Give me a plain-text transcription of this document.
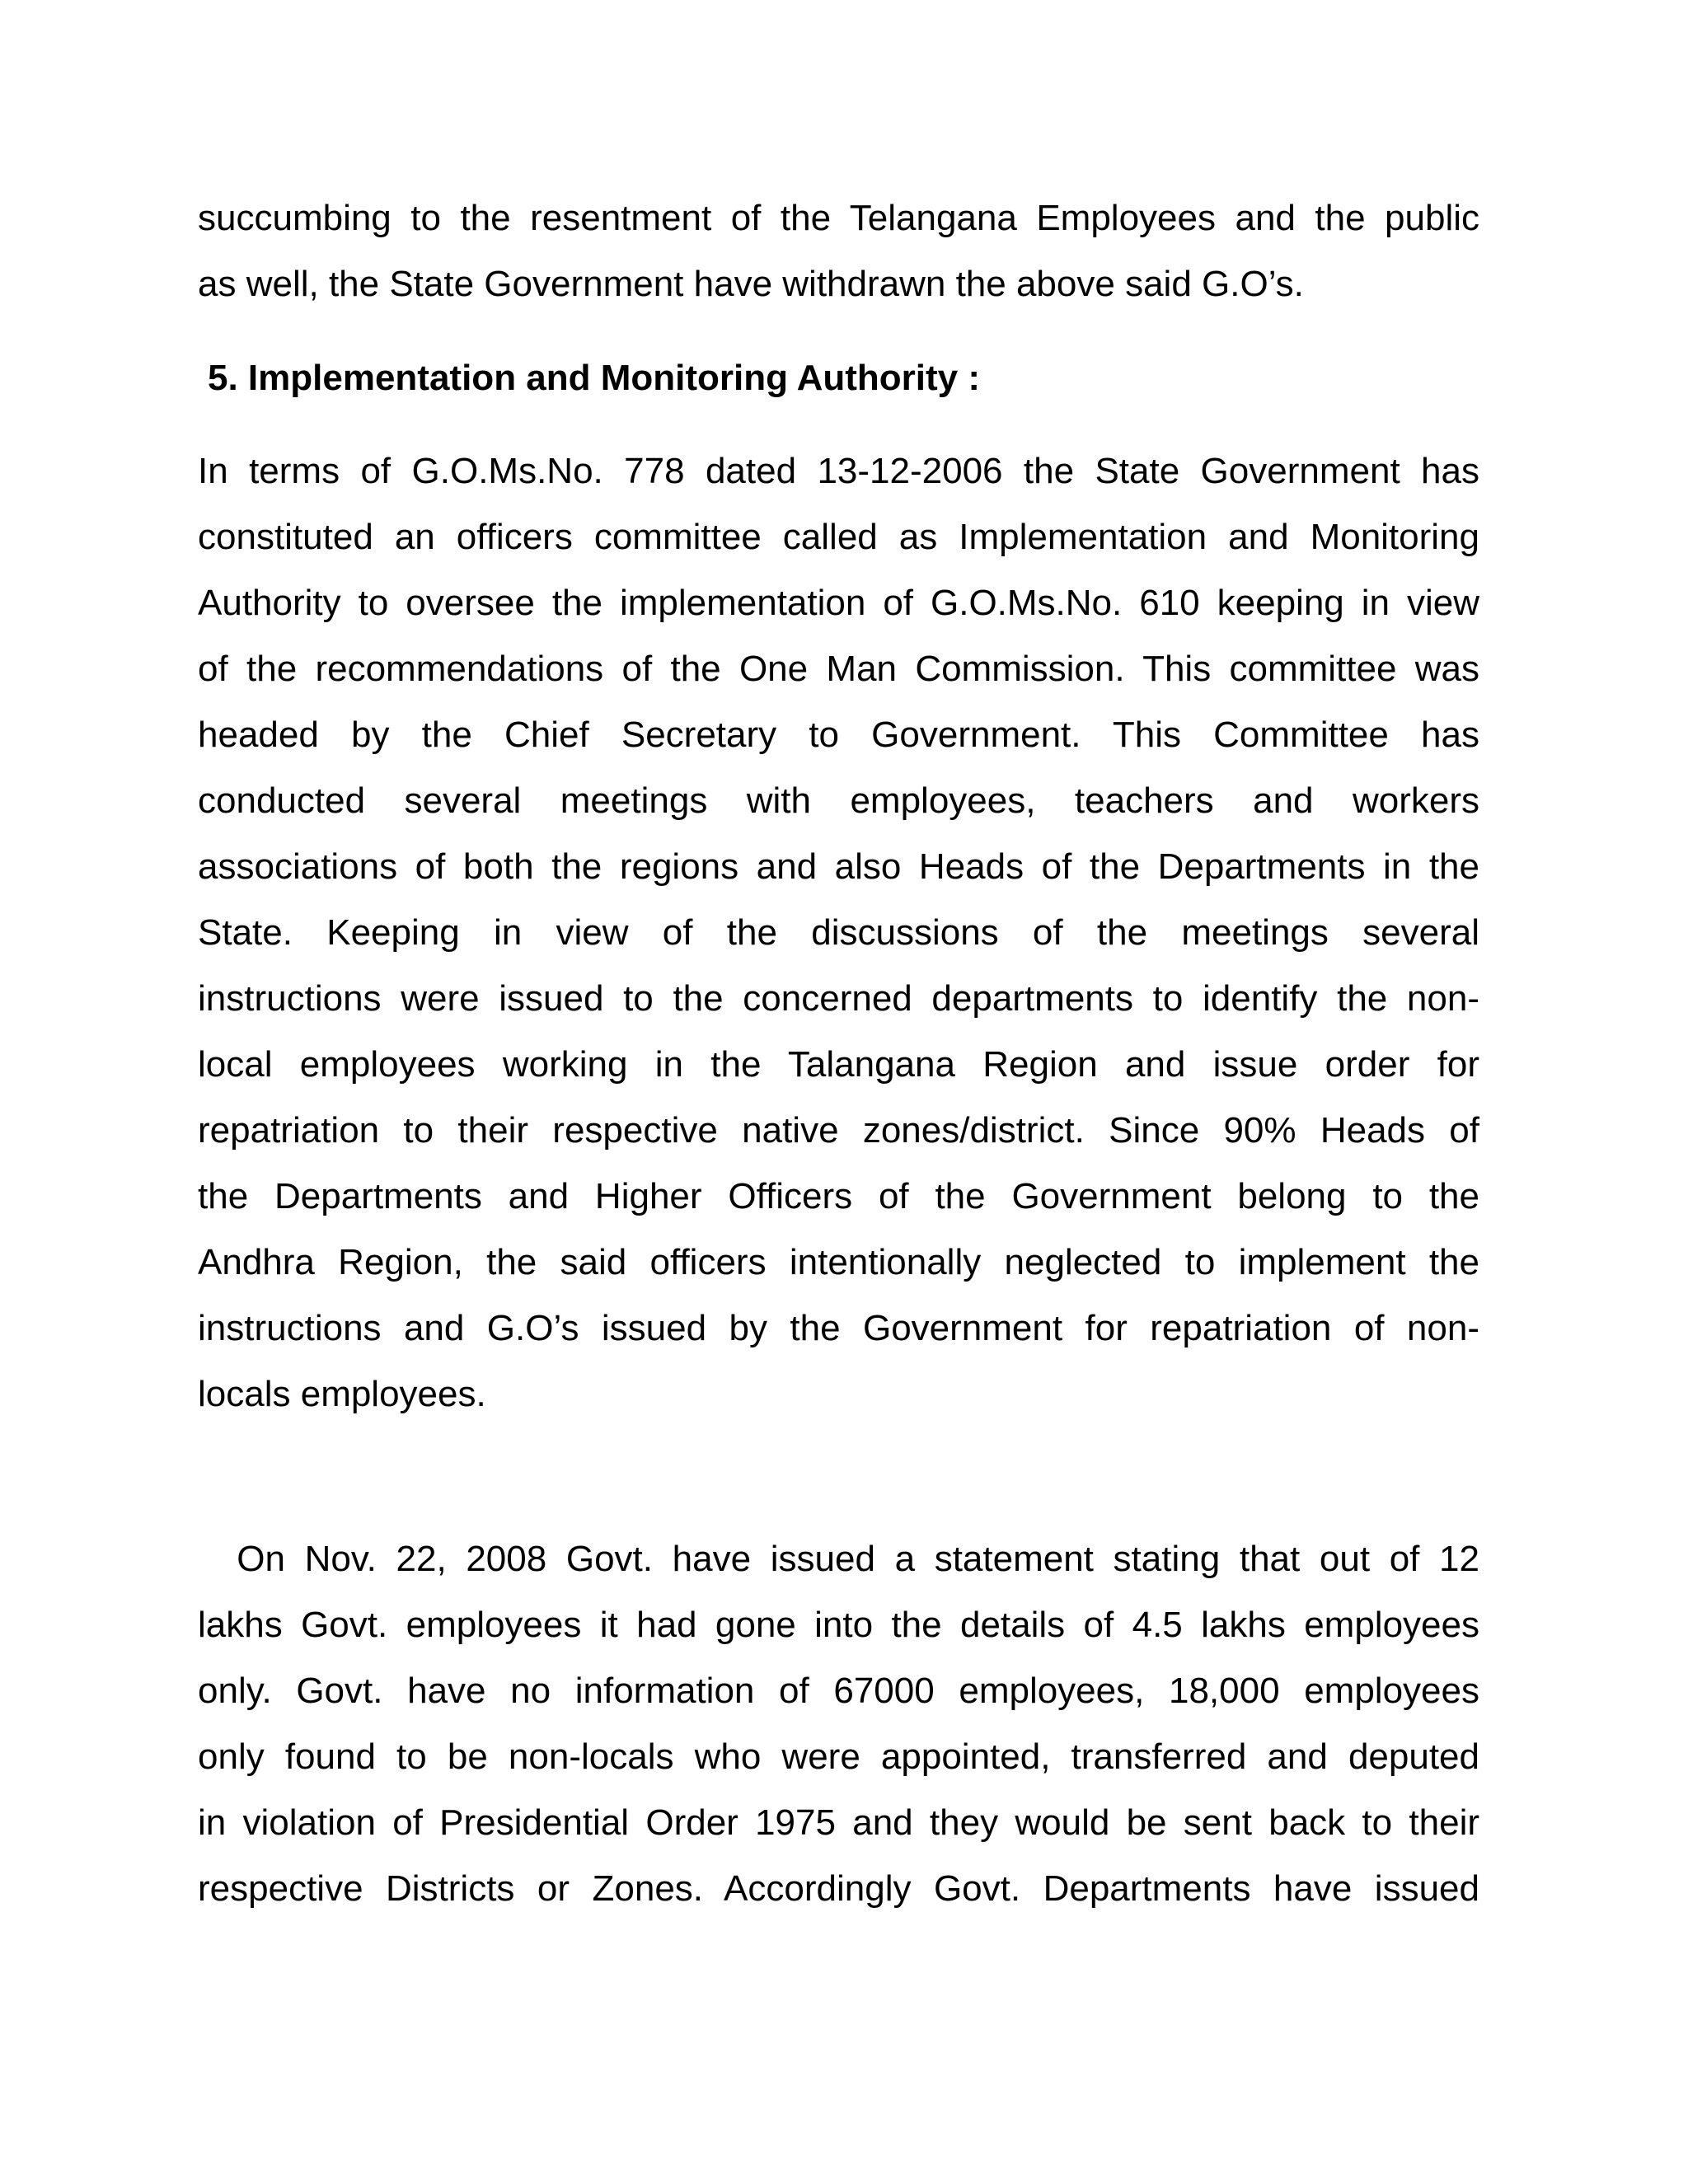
succumbing to the resentment of the Telangana Employees and the public
as well, the State Government have withdrawn the above said G.O’s.
5. Implementation and Monitoring Authority :
In terms of G.O.Ms.No. 778 dated 13-12-2006 the State Government has
constituted an officers committee called as Implementation and Monitoring
Authority to oversee the implementation of G.O.Ms.No. 610 keeping in view
of the recommendations of the One Man Commission. This committee was
headed by the Chief Secretary to Government. This Committee has
conducted several meetings with employees, teachers and workers
associations of both the regions and also Heads of the Departments in the
State. Keeping in view of the discussions of the meetings several
instructions were issued to the concerned departments to identify the non-
local employees working in the Talangana Region and issue order for
repatriation to their respective native zones/district. Since 90% Heads of
the Departments and Higher Officers of the Government belong to the
Andhra Region, the said officers intentionally neglected to implement the
instructions and G.O’s issued by the Government for repatriation of non-
locals employees.
On Nov. 22, 2008 Govt. have issued a statement stating that out of 12
lakhs Govt. employees it had gone into the details of 4.5 lakhs employees
only. Govt. have no information of 67000 employees, 18,000 employees
only found to be non-locals who were appointed, transferred and deputed
in violation of Presidential Order 1975 and they would be sent back to their
respective Districts or Zones. Accordingly Govt. Departments have issued
